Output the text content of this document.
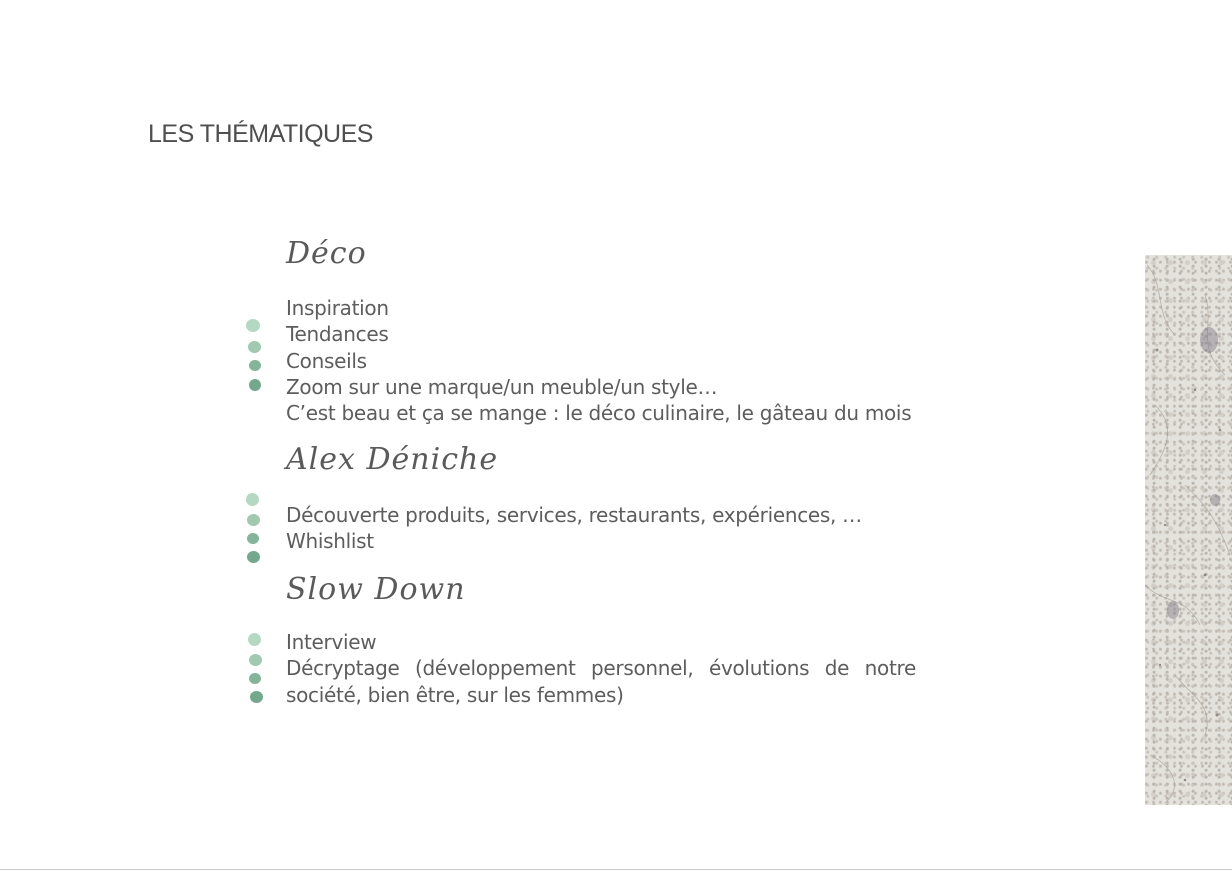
LES THÉMATIQUES
Déco
Inspiration
Tendances
Conseils
Zoom sur une marque/un meuble/un style…
C’est beau et ça se mange : le déco culinaire, le gâteau du mois
Alex Déniche
Découverte produits, services, restaurants, expériences, …
Whishlist
Slow Down
Interview
Décryptage (développement personnel, évolutions de notre société, bien être, sur les femmes)
